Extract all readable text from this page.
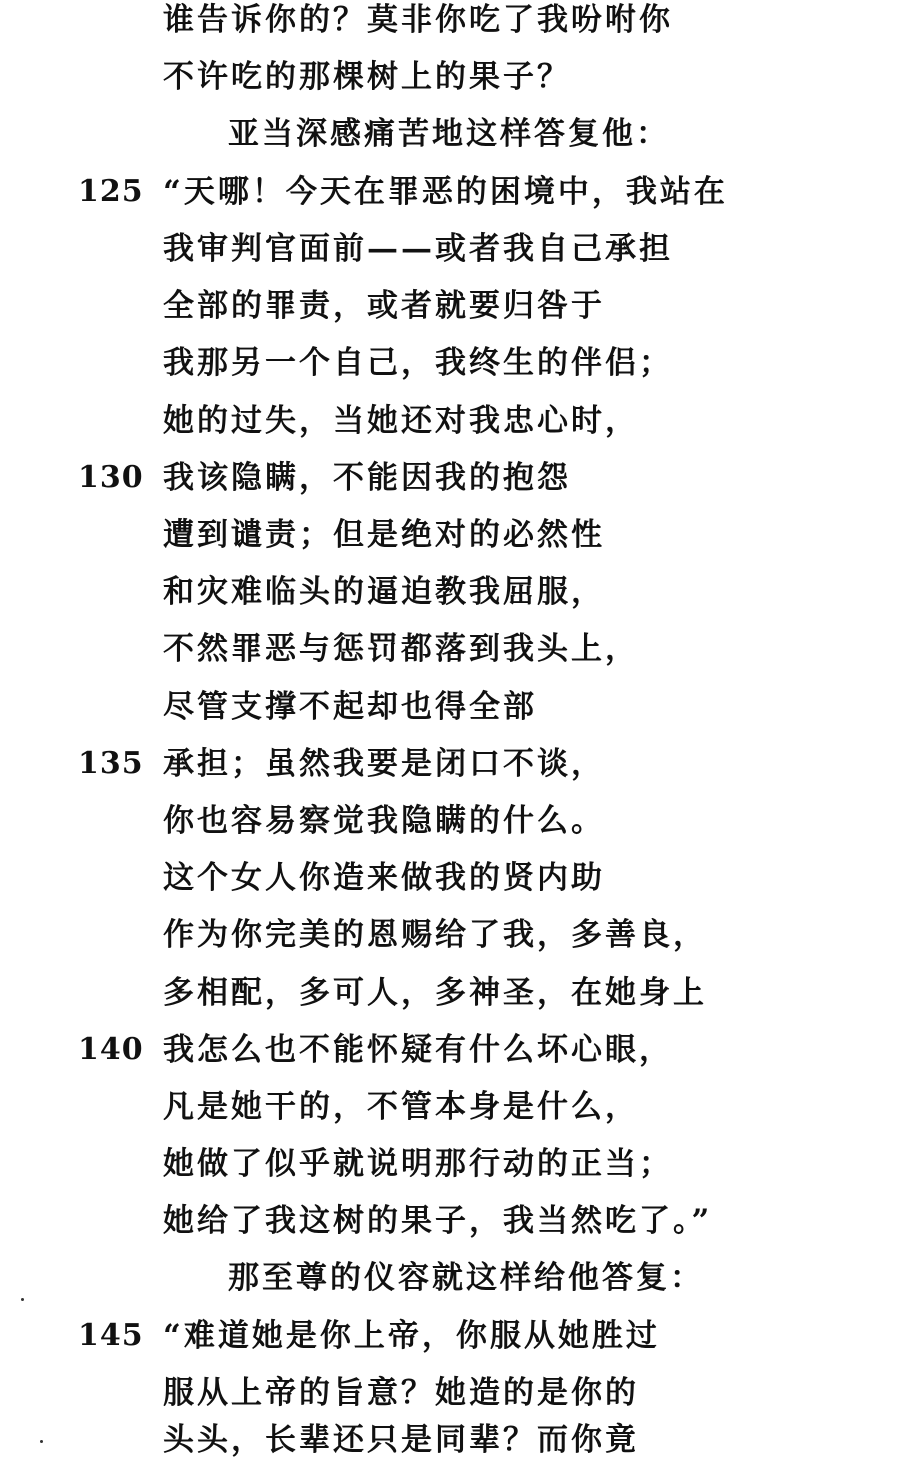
谁告诉你的？莫非你吃了我吩咐你
不许吃的那棵树上的果子？
亚当深感痛苦地这样答复他：
125 “天哪！今天在罪恶的困境中，我站在
我审判官面前——或者我自己承担
全部的罪责，或者就要归咎于
我那另一个自己，我终生的伴侣；
她的过失，当她还对我忠心时，
130 我该隐瞒，不能因我的抱怨
遭到谴责；但是绝对的必然性
和灾难临头的逼迫教我屈服，
不然罪恶与惩罚都落到我头上，
尽管支撑不起却也得全部
135 承担；虽然我要是闭口不谈，
你也容易察觉我隐瞒的什么。
这个女人你造来做我的贤内助
作为你完美的恩赐给了我，多善良，
多相配，多可人，多神圣，在她身上
140 我怎么也不能怀疑有什么坏心眼，
凡是她干的，不管本身是什么，
她做了似乎就说明那行动的正当；
她给了我这树的果子，我当然吃了。”
那至尊的仪容就这样给他答复：
145 “难道她是你上帝，你服从她胜过
服从上帝的旨意？她造的是你的
头头，长辈还只是同辈？而你竟
